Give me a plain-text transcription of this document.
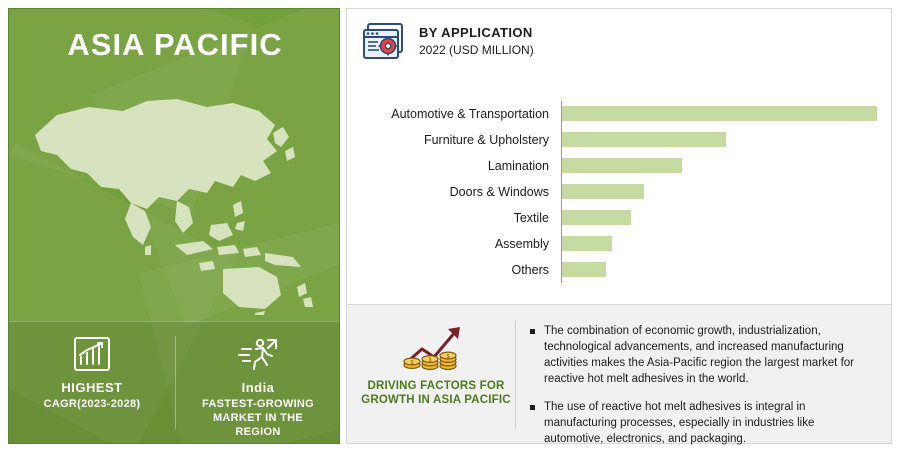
ASIA PACIFIC
HIGHEST
CAGR(2023-2028)
India
FASTEST-GROWING MARKET IN THE REGION
BY APPLICATION
2022 (USD MILLION)
Automotive & Transportation
Furniture & Upholstery
Lamination
Doors & Windows
Textile
Assembly
Others
$	$
$
DRIVING FACTORS FOR GROWTH IN ASIA PACIFIC
The combination of economic growth, industrialization, technological advancements, and increased manufacturing activities makes the Asia-Pacific region the largest market for reactive hot melt adhesives in the world.
The use of reactive hot melt adhesives is integral in manufacturing processes, especially in industries like automotive, electronics, and packaging.
